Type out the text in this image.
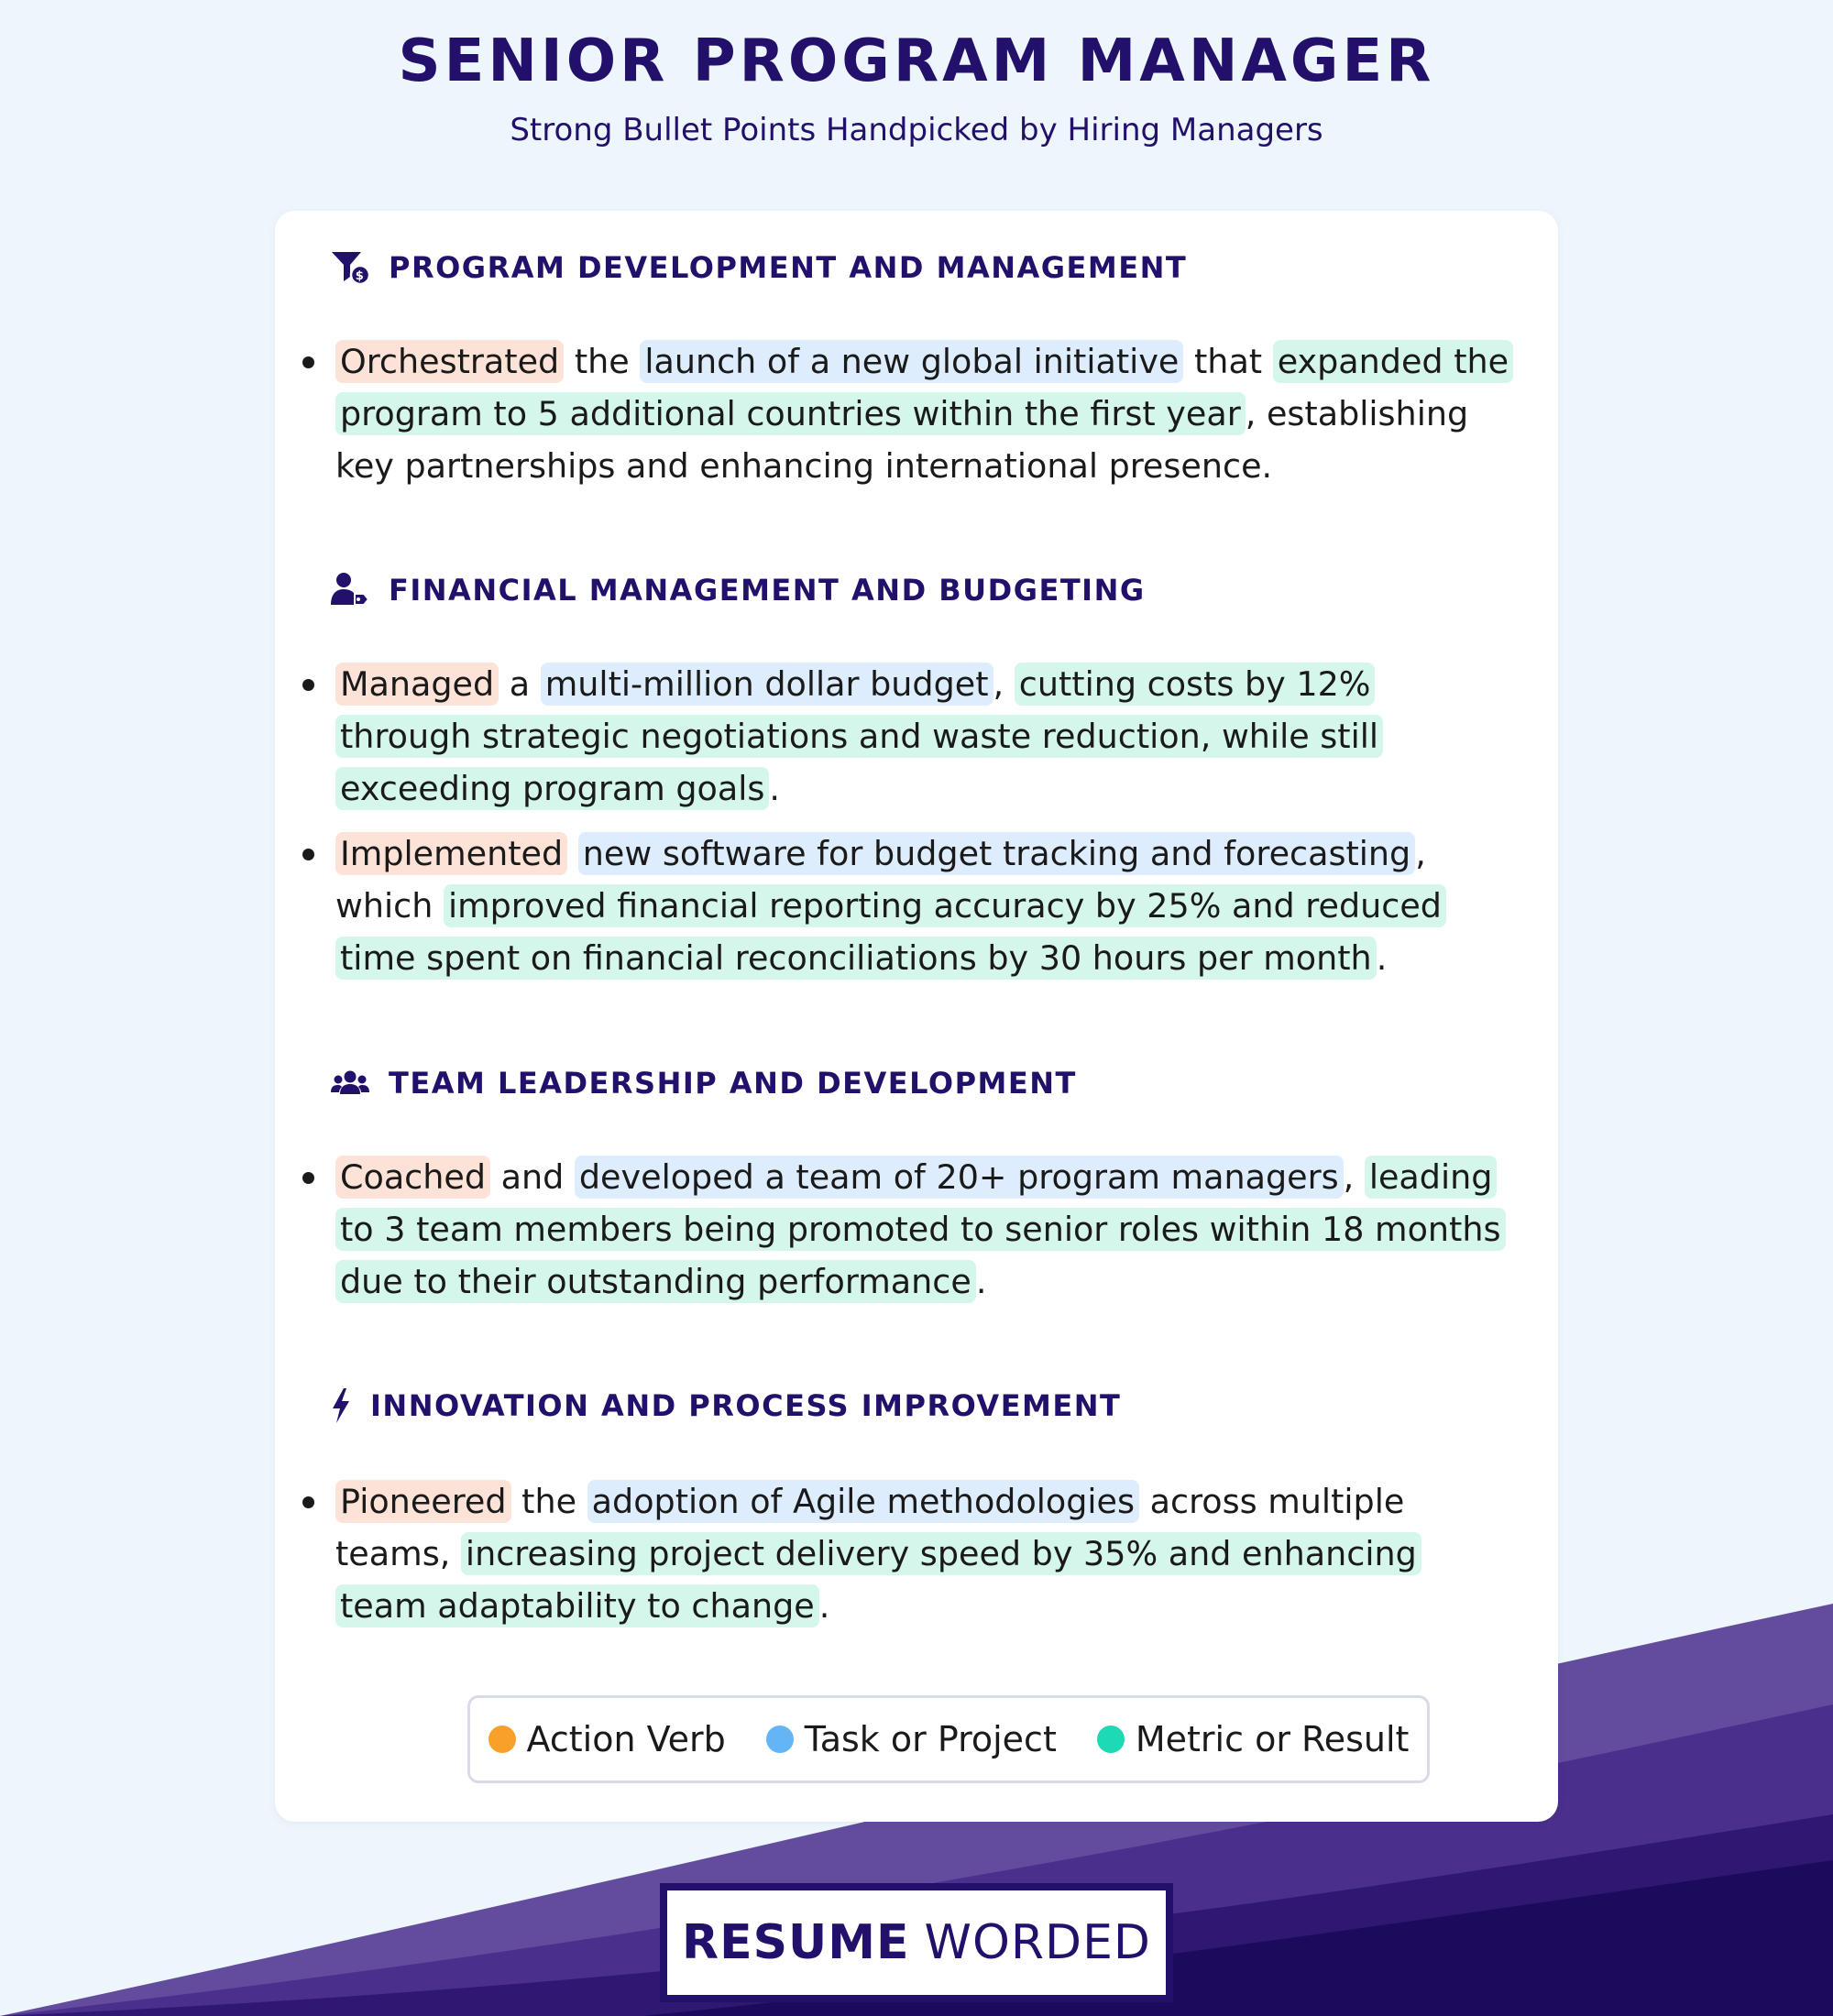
SENIOR PROGRAM MANAGER

Strong Bullet Points Handpicked by Hiring Managers

$ PROGRAM DEVELOPMENT AND MANAGEMENT
Orchestrated the launch of a new global initiative that expanded the program to 5 additional countries within the first year , establishing key partnerships and enhancing international presence.
FINANCIAL MANAGEMENT AND BUDGETING
Managed a multi-million dollar budget , cutting costs by 12% through strategic negotiations and waste reduction, while still exceeding program goals .
Implemented new software for budget tracking and forecasting , which improved financial reporting accuracy by 25% and reduced time spent on financial reconciliations by 30 hours per month .
TEAM LEADERSHIP AND DEVELOPMENT
Coached and developed a team of 20+ program managers , leading to 3 team members being promoted to senior roles within 18 months due to their outstanding performance .
INNOVATION AND PROCESS IMPROVEMENT
Pioneered the adoption of Agile methodologies across multiple teams, increasing project delivery speed by 35% and enhancing team adaptability to change .
Action Verb Task or Project Metric or Result
RESUME WORDED
